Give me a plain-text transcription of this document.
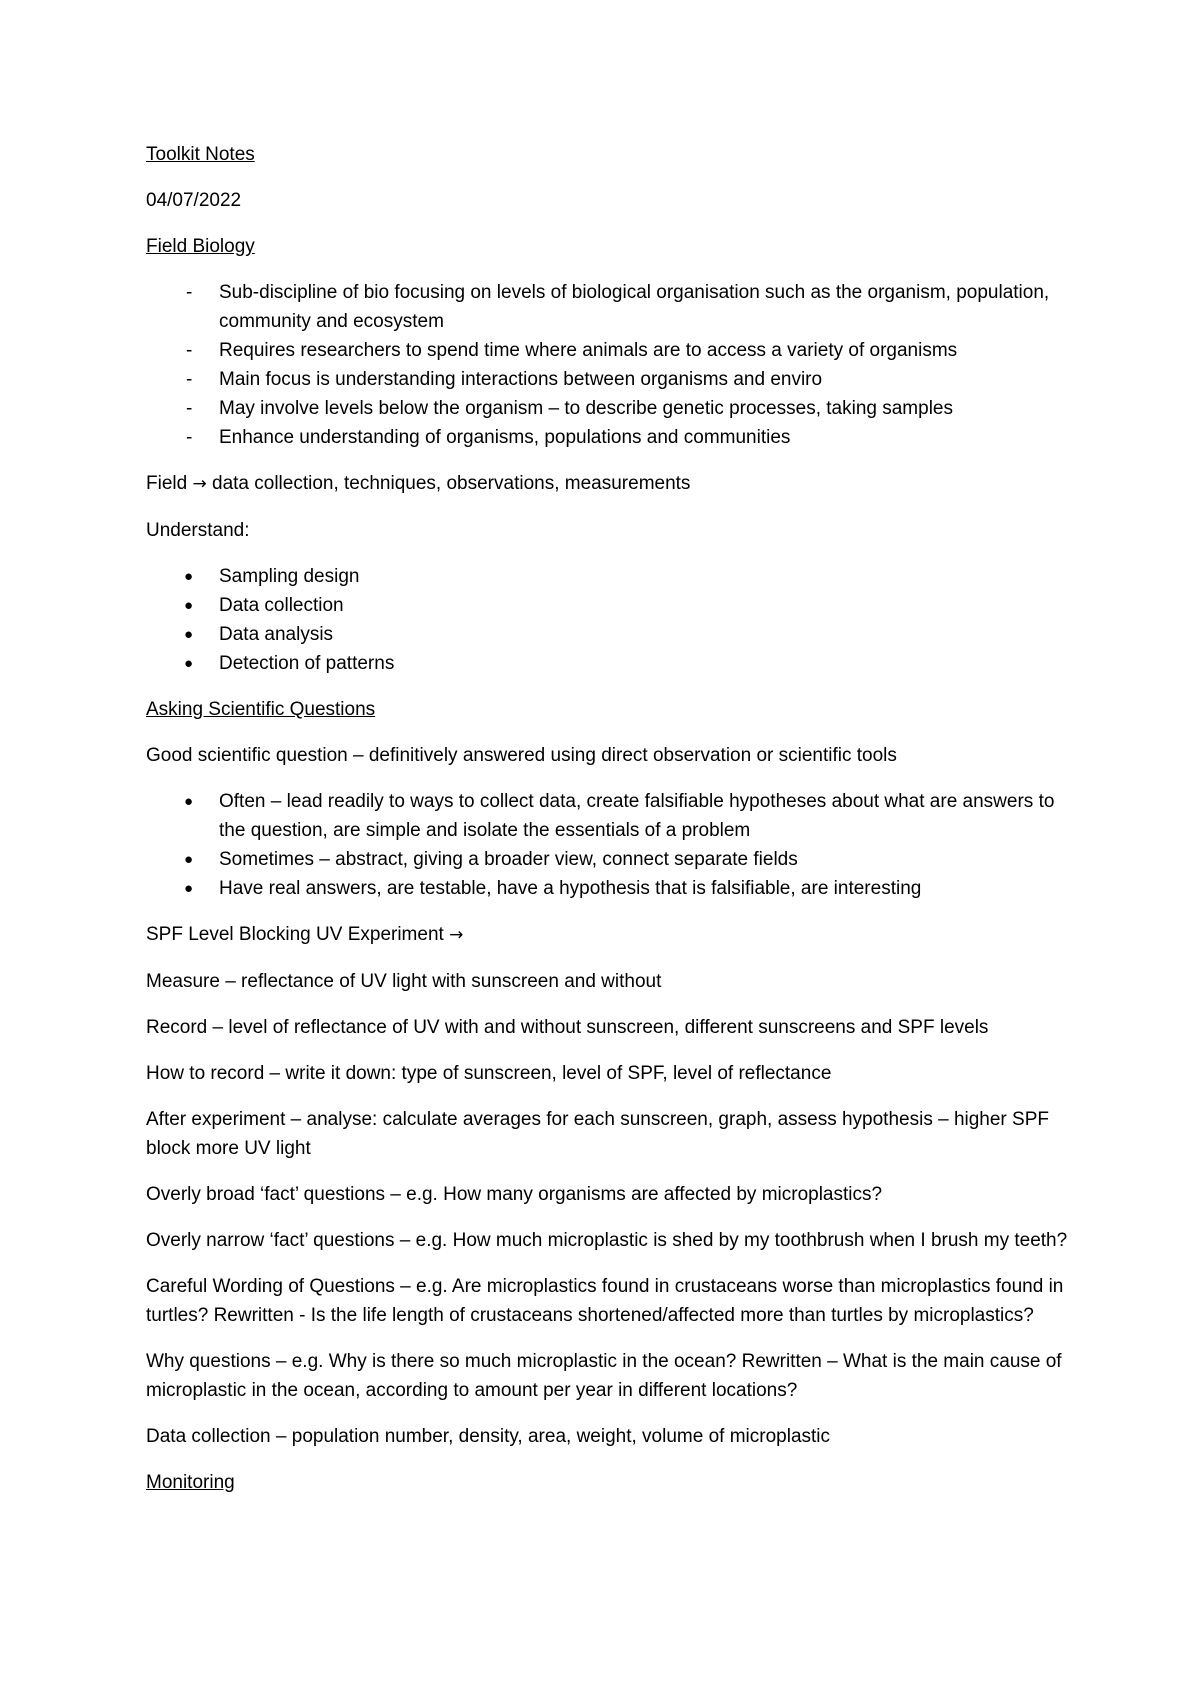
Toolkit Notes

04/07/2022

Field Biology

- Sub-discipline of bio focusing on levels of biological organisation such as the organism, population, community and ecosystem
- Requires researchers to spend time where animals are to access a variety of organisms
- Main focus is understanding interactions between organisms and enviro
- May involve levels below the organism – to describe genetic processes, taking samples
- Enhance understanding of organisms, populations and communities

Field → data collection, techniques, observations, measurements

Understand:

● Sampling design
● Data collection
● Data analysis
● Detection of patterns

Asking Scientific Questions

Good scientific question – definitively answered using direct observation or scientific tools

● Often – lead readily to ways to collect data, create falsifiable hypotheses about what are answers to the question, are simple and isolate the essentials of a problem
● Sometimes – abstract, giving a broader view, connect separate fields
● Have real answers, are testable, have a hypothesis that is falsifiable, are interesting

SPF Level Blocking UV Experiment →

Measure – reflectance of UV light with sunscreen and without

Record – level of reflectance of UV with and without sunscreen, different sunscreens and SPF levels

How to record – write it down: type of sunscreen, level of SPF, level of reflectance

After experiment – analyse: calculate averages for each sunscreen, graph, assess hypothesis – higher SPF block more UV light

Overly broad ‘fact’ questions – e.g. How many organisms are affected by microplastics?

Overly narrow ‘fact’ questions – e.g. How much microplastic is shed by my toothbrush when I brush my teeth?

Careful Wording of Questions – e.g. Are microplastics found in crustaceans worse than microplastics found in turtles? Rewritten - Is the life length of crustaceans shortened/affected more than turtles by microplastics?

Why questions – e.g. Why is there so much microplastic in the ocean? Rewritten – What is the main cause of microplastic in the ocean, according to amount per year in different locations?

Data collection – population number, density, area, weight, volume of microplastic

Monitoring
